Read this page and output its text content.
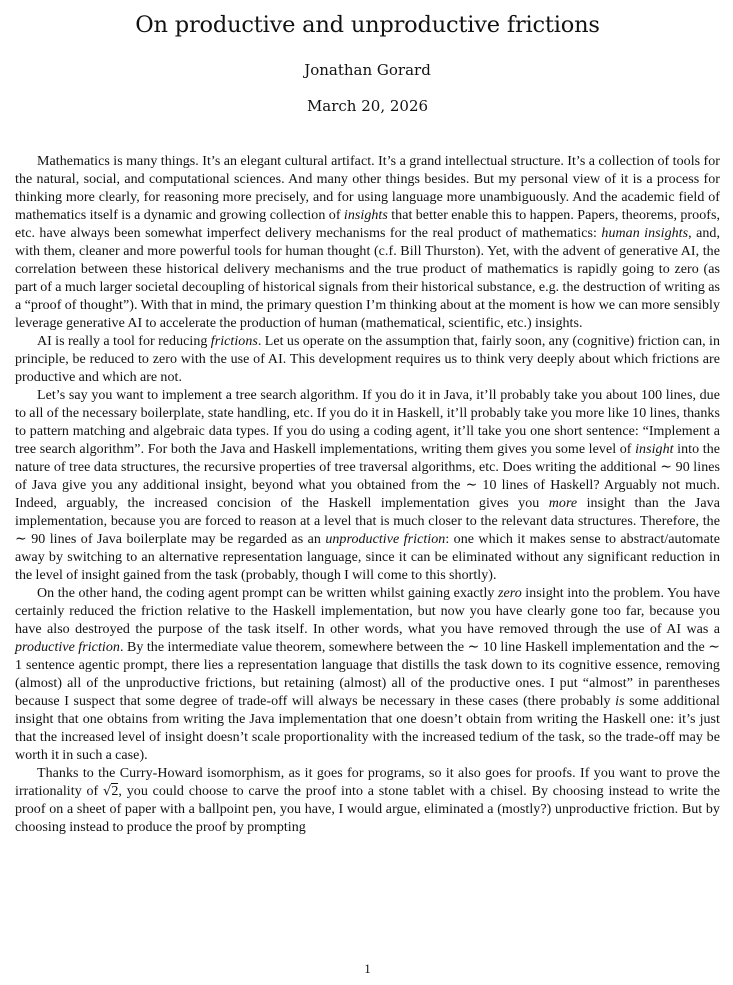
On productive and unproductive frictions
Jonathan Gorard
March 20, 2026

Mathematics is many things. It’s an elegant cultural artifact. It’s a grand intellectual structure. It’s a collection of tools for the natural, social, and computational sciences. And many other things besides. But my personal view of it is a process for thinking more clearly, for reasoning more precisely, and for using language more unambiguously. And the academic field of mathematics itself is a dynamic and growing collection of insights that better enable this to happen. Papers, theorems, proofs, etc. have always been somewhat imperfect delivery mechanisms for the real product of mathematics: human insights, and, with them, cleaner and more powerful tools for human thought (c.f. Bill Thurston). Yet, with the advent of generative AI, the correlation between these historical delivery mechanisms and the true product of mathematics is rapidly going to zero (as part of a much larger societal decoupling of historical signals from their historical substance, e.g. the destruction of writing as a “proof of thought”). With that in mind, the primary question I’m thinking about at the moment is how we can more sensibly leverage generative AI to accelerate the production of human (mathematical, scientific, etc.) insights.

AI is really a tool for reducing frictions. Let us operate on the assumption that, fairly soon, any (cognitive) friction can, in principle, be reduced to zero with the use of AI. This development requires us to think very deeply about which frictions are productive and which are not.

Let’s say you want to implement a tree search algorithm. If you do it in Java, it’ll probably take you about 100 lines, due to all of the necessary boilerplate, state handling, etc. If you do it in Haskell, it’ll probably take you more like 10 lines, thanks to pattern matching and algebraic data types. If you do using a coding agent, it’ll take you one short sentence: “Implement a tree search algorithm”. For both the Java and Haskell implementations, writing them gives you some level of insight into the nature of tree data structures, the recursive properties of tree traversal algorithms, etc. Does writing the additional ∼ 90 lines of Java give you any additional insight, beyond what you obtained from the ∼ 10 lines of Haskell? Arguably not much. Indeed, arguably, the increased concision of the Haskell implementation gives you more insight than the Java implementation, because you are forced to reason at a level that is much closer to the relevant data structures. Therefore, the ∼ 90 lines of Java boilerplate may be regarded as an unproductive friction: one which it makes sense to abstract/automate away by switching to an alternative representation language, since it can be eliminated without any significant reduction in the level of insight gained from the task (probably, though I will come to this shortly).

On the other hand, the coding agent prompt can be written whilst gaining exactly zero insight into the problem. You have certainly reduced the friction relative to the Haskell implementation, but now you have clearly gone too far, because you have also destroyed the purpose of the task itself. In other words, what you have removed through the use of AI was a productive friction. By the intermediate value theorem, somewhere between the ∼ 10 line Haskell implementation and the ∼ 1 sentence agentic prompt, there lies a representation language that distills the task down to its cognitive essence, removing (almost) all of the unproductive frictions, but retaining (almost) all of the productive ones. I put “almost” in parentheses because I suspect that some degree of trade-off will always be necessary in these cases (there probably is some additional insight that one obtains from writing the Java implementation that one doesn’t obtain from writing the Haskell one: it’s just that the increased level of insight doesn’t scale proportionality with the increased tedium of the task, so the trade-off may be worth it in such a case).

Thanks to the Curry-Howard isomorphism, as it goes for programs, so it also goes for proofs. If you want to prove the irrationality of √2, you could choose to carve the proof into a stone tablet with a chisel. By choosing instead to write the proof on a sheet of paper with a ballpoint pen, you have, I would argue, eliminated a (mostly?) unproductive friction. But by choosing instead to produce the proof by prompting

1
